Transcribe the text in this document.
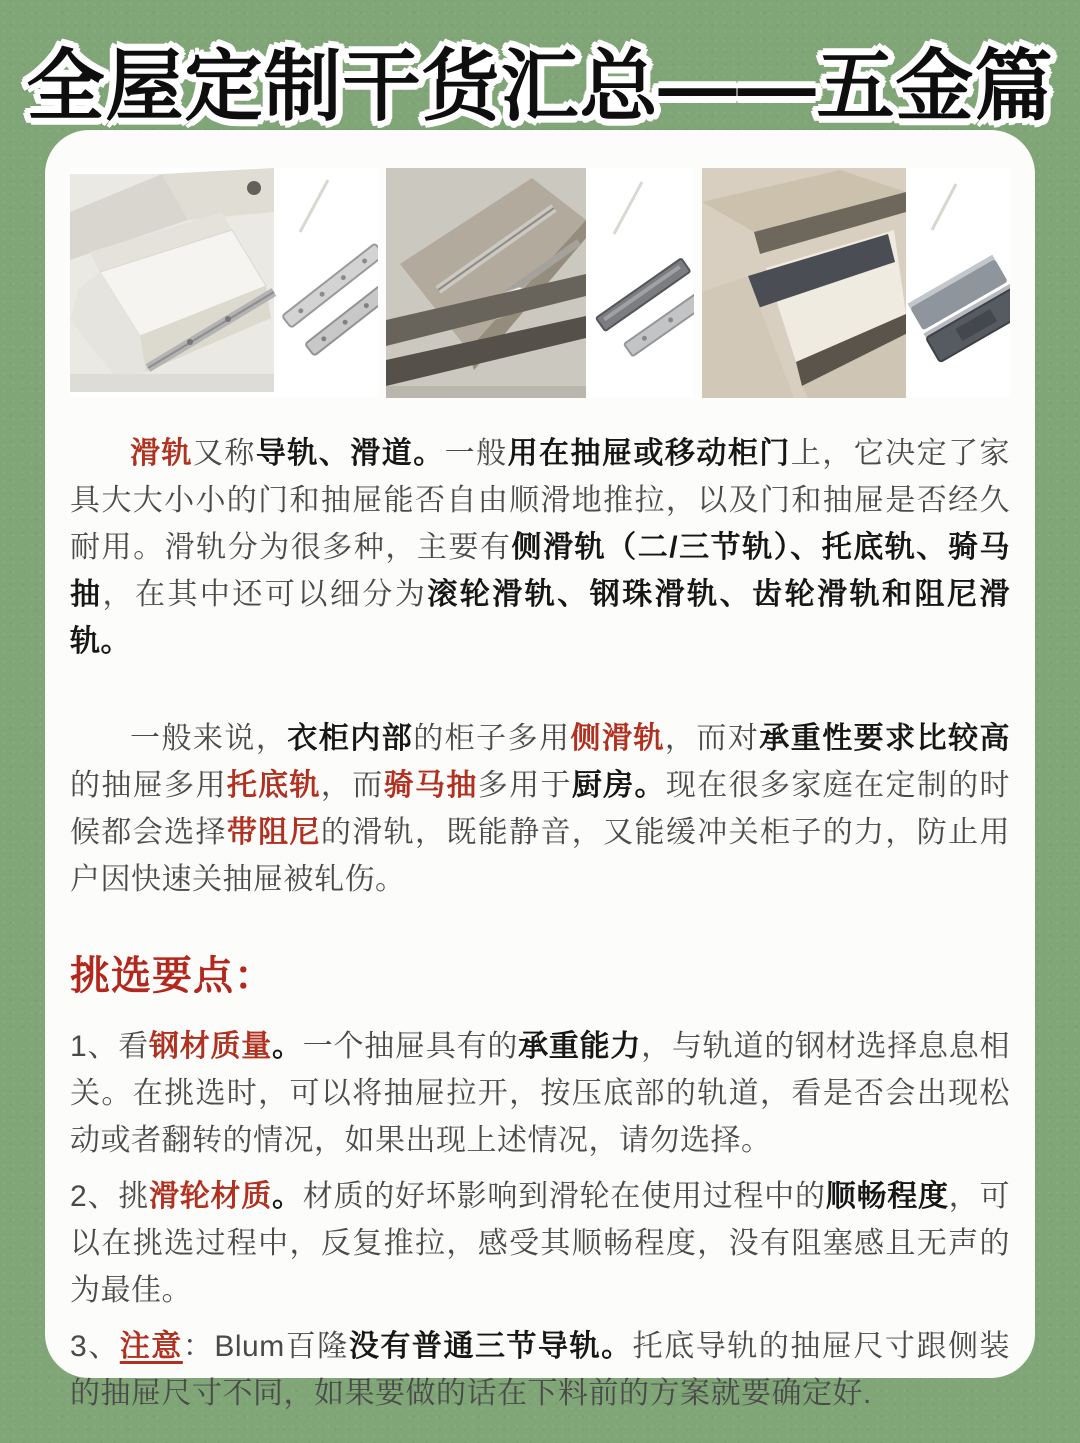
全屋定制干货汇总——五金篇

滑轨又称导轨、滑道。一般用在抽屉或移动柜门上，它决定了家具大大小小的门和抽屉能否自由顺滑地推拉，以及门和抽屉是否经久耐用。滑轨分为很多种，主要有侧滑轨（二/三节轨）、托底轨、骑马抽，在其中还可以细分为滚轮滑轨、钢珠滑轨、齿轮滑轨和阻尼滑轨。

一般来说，衣柜内部的柜子多用侧滑轨，而对承重性要求比较高的抽屉多用托底轨，而骑马抽多用于厨房。现在很多家庭在定制的时候都会选择带阻尼的滑轨，既能静音，又能缓冲关柜子的力，防止用户因快速关抽屉被轧伤。

挑选要点：

1、看钢材质量。一个抽屉具有的承重能力，与轨道的钢材选择息息相关。在挑选时，可以将抽屉拉开，按压底部的轨道，看是否会出现松动或者翻转的情况，如果出现上述情况，请勿选择。

2、挑滑轮材质。材质的好坏影响到滑轮在使用过程中的顺畅程度，可以在挑选过程中，反复推拉，感受其顺畅程度，没有阻塞感且无声的为最佳。

3、注意：Blum百隆没有普通三节导轨。托底导轨的抽屉尺寸跟侧装的抽屉尺寸不同，如果要做的话在下料前的方案就要确定好.
